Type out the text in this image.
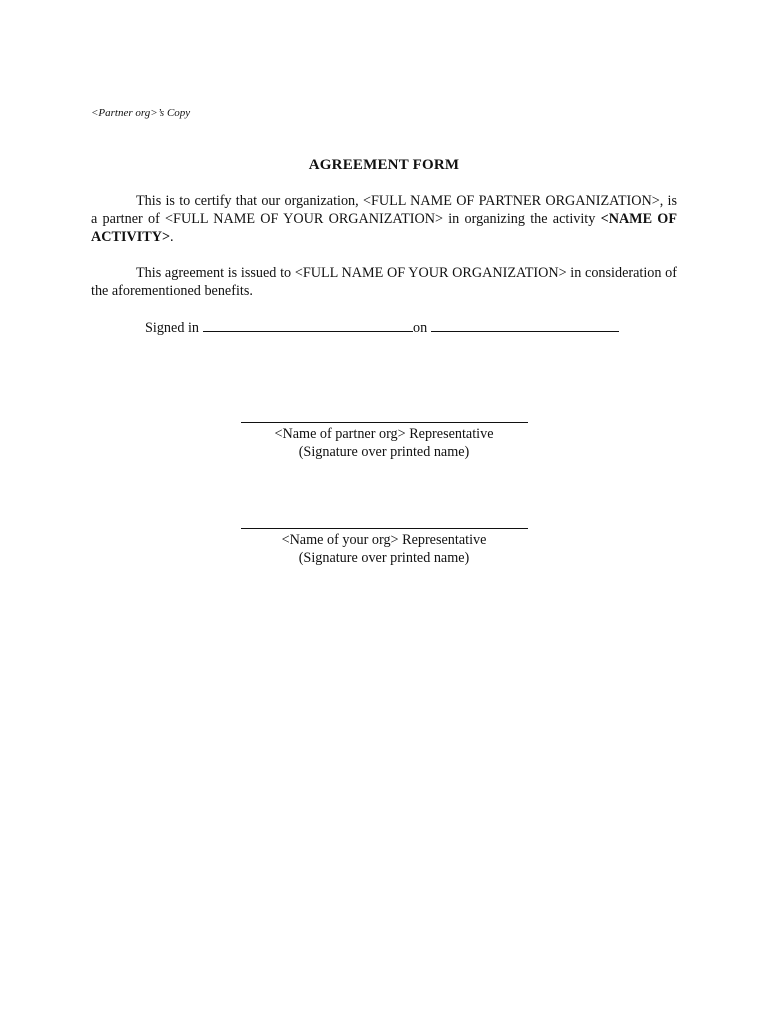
<Partner org>’s Copy
AGREEMENT FORM
This is to certify that our organization, <FULL NAME OF PARTNER ORGANIZATION>, is a partner of <FULL NAME OF YOUR ORGANIZATION> in organizing the activity <NAME OF ACTIVITY>.
This agreement is issued to <FULL NAME OF YOUR ORGANIZATION> in consideration of the aforementioned benefits.
Signed in	on
<Name of partner org> Representative
(Signature over printed name)
<Name of your org> Representative
(Signature over printed name)
